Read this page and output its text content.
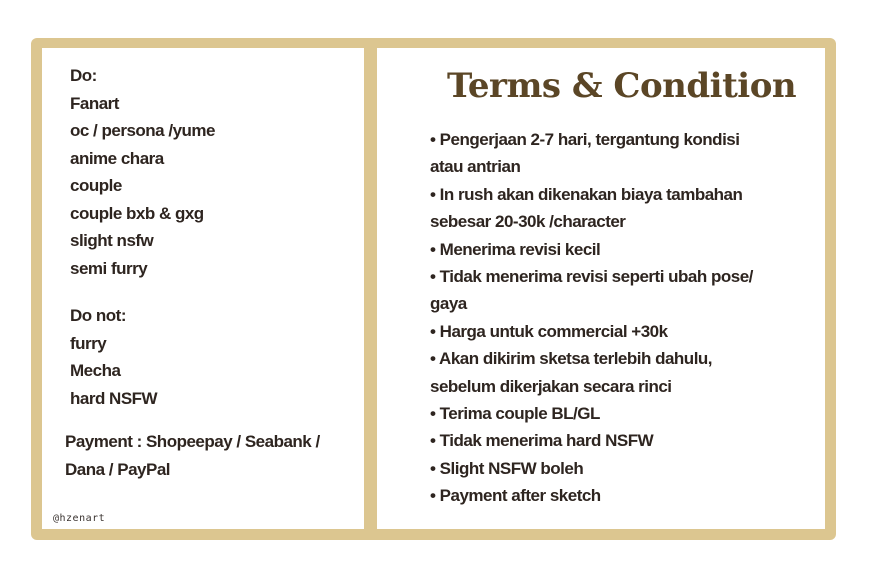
Do:
Fanart
oc / persona /yume
anime chara
couple
couple bxb & gxg
slight nsfw
semi furry
Do not:
furry
Mecha
hard NSFW
Payment : Shopeepay / Seabank /
Dana / PayPal
@hzenart
Terms & Condition
• Pengerjaan 2-7 hari, tergantung kondisi
atau antrian
• In rush akan dikenakan biaya tambahan
sebesar 20-30k /character
• Menerima revisi kecil
• Tidak menerima revisi seperti ubah pose/
gaya
• Harga untuk commercial +30k
• Akan dikirim sketsa terlebih dahulu,
sebelum dikerjakan secara rinci
• Terima couple BL/GL
• Tidak menerima hard NSFW
• Slight NSFW boleh
• Payment after sketch
